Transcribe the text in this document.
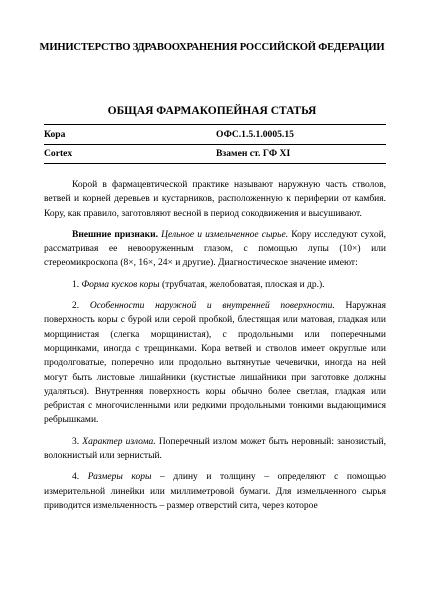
МИНИСТЕРСТВО ЗДРАВООХРАНЕНИЯ РОССИЙСКОЙ ФЕДЕРАЦИИ
ОБЩАЯ ФАРМАКОПЕЙНАЯ СТАТЬЯ
Кора	ОФС.1.5.1.0005.15
Cortex	Взамен ст. ГФ XI

Корой в фармацевтической практике называют наружную часть стволов, ветвей и корней деревьев и кустарников, расположенную к периферии от камбия. Кору, как правило, заготовляют весной в период сокодвижения и высушивают.

Внешние признаки. Цельное и измельченное сырье. Кору исследуют сухой, рассматривая ее невооруженным глазом, с помощью лупы (10×) или стереомикроскопа (8×, 16×, 24× и другие). Диагностическое значение имеют:

1. Форма кусков коры (трубчатая, желобоватая, плоская и др.).

2. Особенности наружной и внутренней поверхности. Наружная поверхность коры с бурой или серой пробкой, блестящая или матовая, гладкая или морщинистая (слегка морщинистая), с продольными или поперечными морщинками, иногда с трещинками. Кора ветвей и стволов имеет округлые или продолговатые, поперечно или продольно вытянутые чечевички, иногда на ней могут быть листовые лишайники (кустистые лишайники при заготовке должны удаляться). Внутренняя поверхность коры обычно более светлая, гладкая или ребристая с многочисленными или редкими продольными тонкими выдающимися ребрышками.

3. Характер излома. Поперечный излом может быть неровный: занозистый, волокнистый или зернистый.

4. Размеры коры – длину и толщину – определяют с помощью измерительной линейки или миллиметровой бумаги. Для измельченного сырья приводится измельченность – размер отверстий сита, через которое
